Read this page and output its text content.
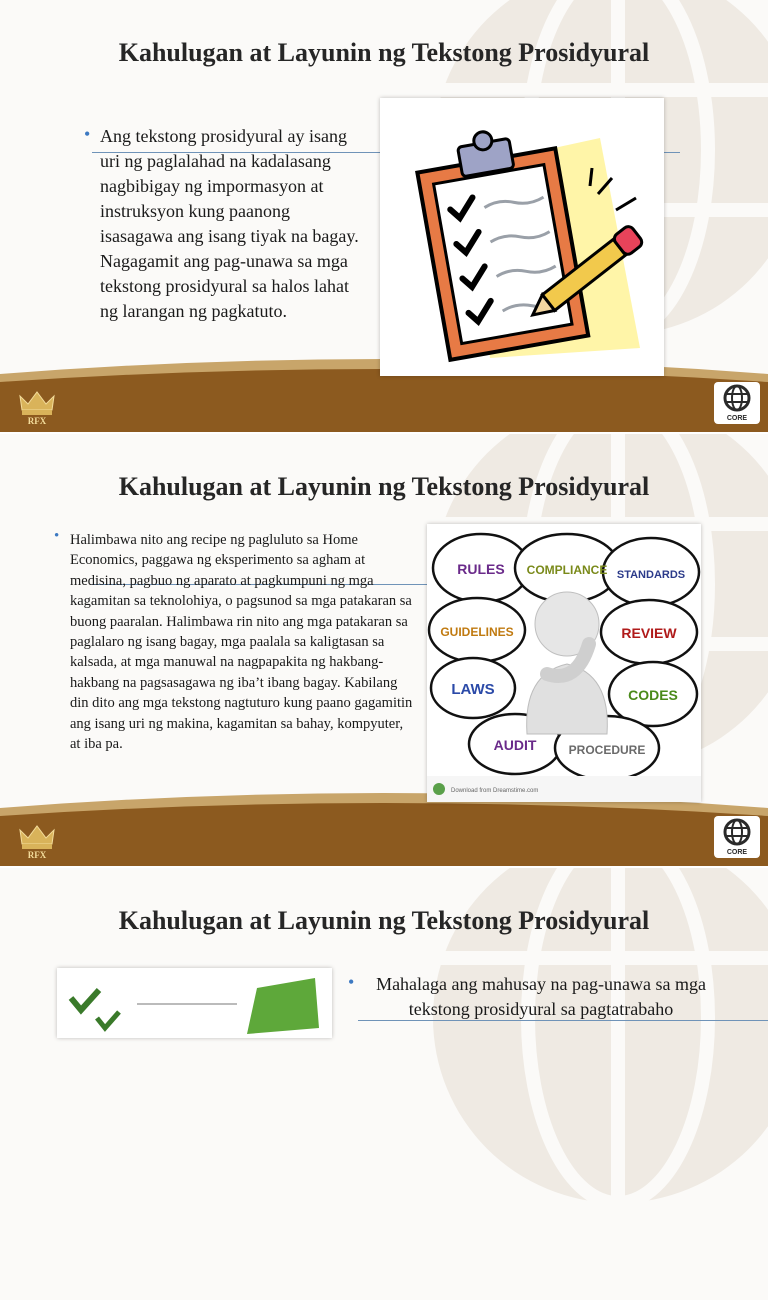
Kahulugan at Layunin ng Tekstong Prosidyural
• Ang tekstong prosidyural ay isang uri ng paglalahad na kadalasang nagbibigay ng impormasyon at instruksyon kung paanong isasagawa ang isang tiyak na bagay. Nagagamit ang pag-unawa sa mga tekstong prosidyural sa halos lahat ng larangan ng pagkatuto.
RFX	CORE
Kahulugan at Layunin ng Tekstong Prosidyural
• Halimbawa nito ang recipe ng pagluluto sa Home Economics, paggawa ng eksperimento sa agham at medisina, pagbuo ng aparato at pagkumpuni ng mga kagamitan sa teknolohiya, o pagsunod sa mga patakaran sa buong paaralan. Halimbawa rin nito ang mga patakaran sa paglalaro ng isang bagay, mga paalala sa kaligtasan sa kalsada, at mga manuwal na nagpapakita ng hakbang-hakbang na pagsasagawa ng iba’t ibang bagay. Kabilang din dito ang mga tekstong nagtuturo kung paano gagamitin ang isang uri ng makina, kagamitan sa bahay, kompyuter, at iba pa.
RULES COMPLIANCE STANDARDS
GUIDELINES	REVIEW
LAWS	CODES
AUDIT	PROCEDURE
Download from Dreamstime.com
RFX	CORE
Kahulugan at Layunin ng Tekstong Prosidyural
•	Mahalaga ang mahusay na pag-unawa sa mga tekstong prosidyural sa pagtatrabaho
